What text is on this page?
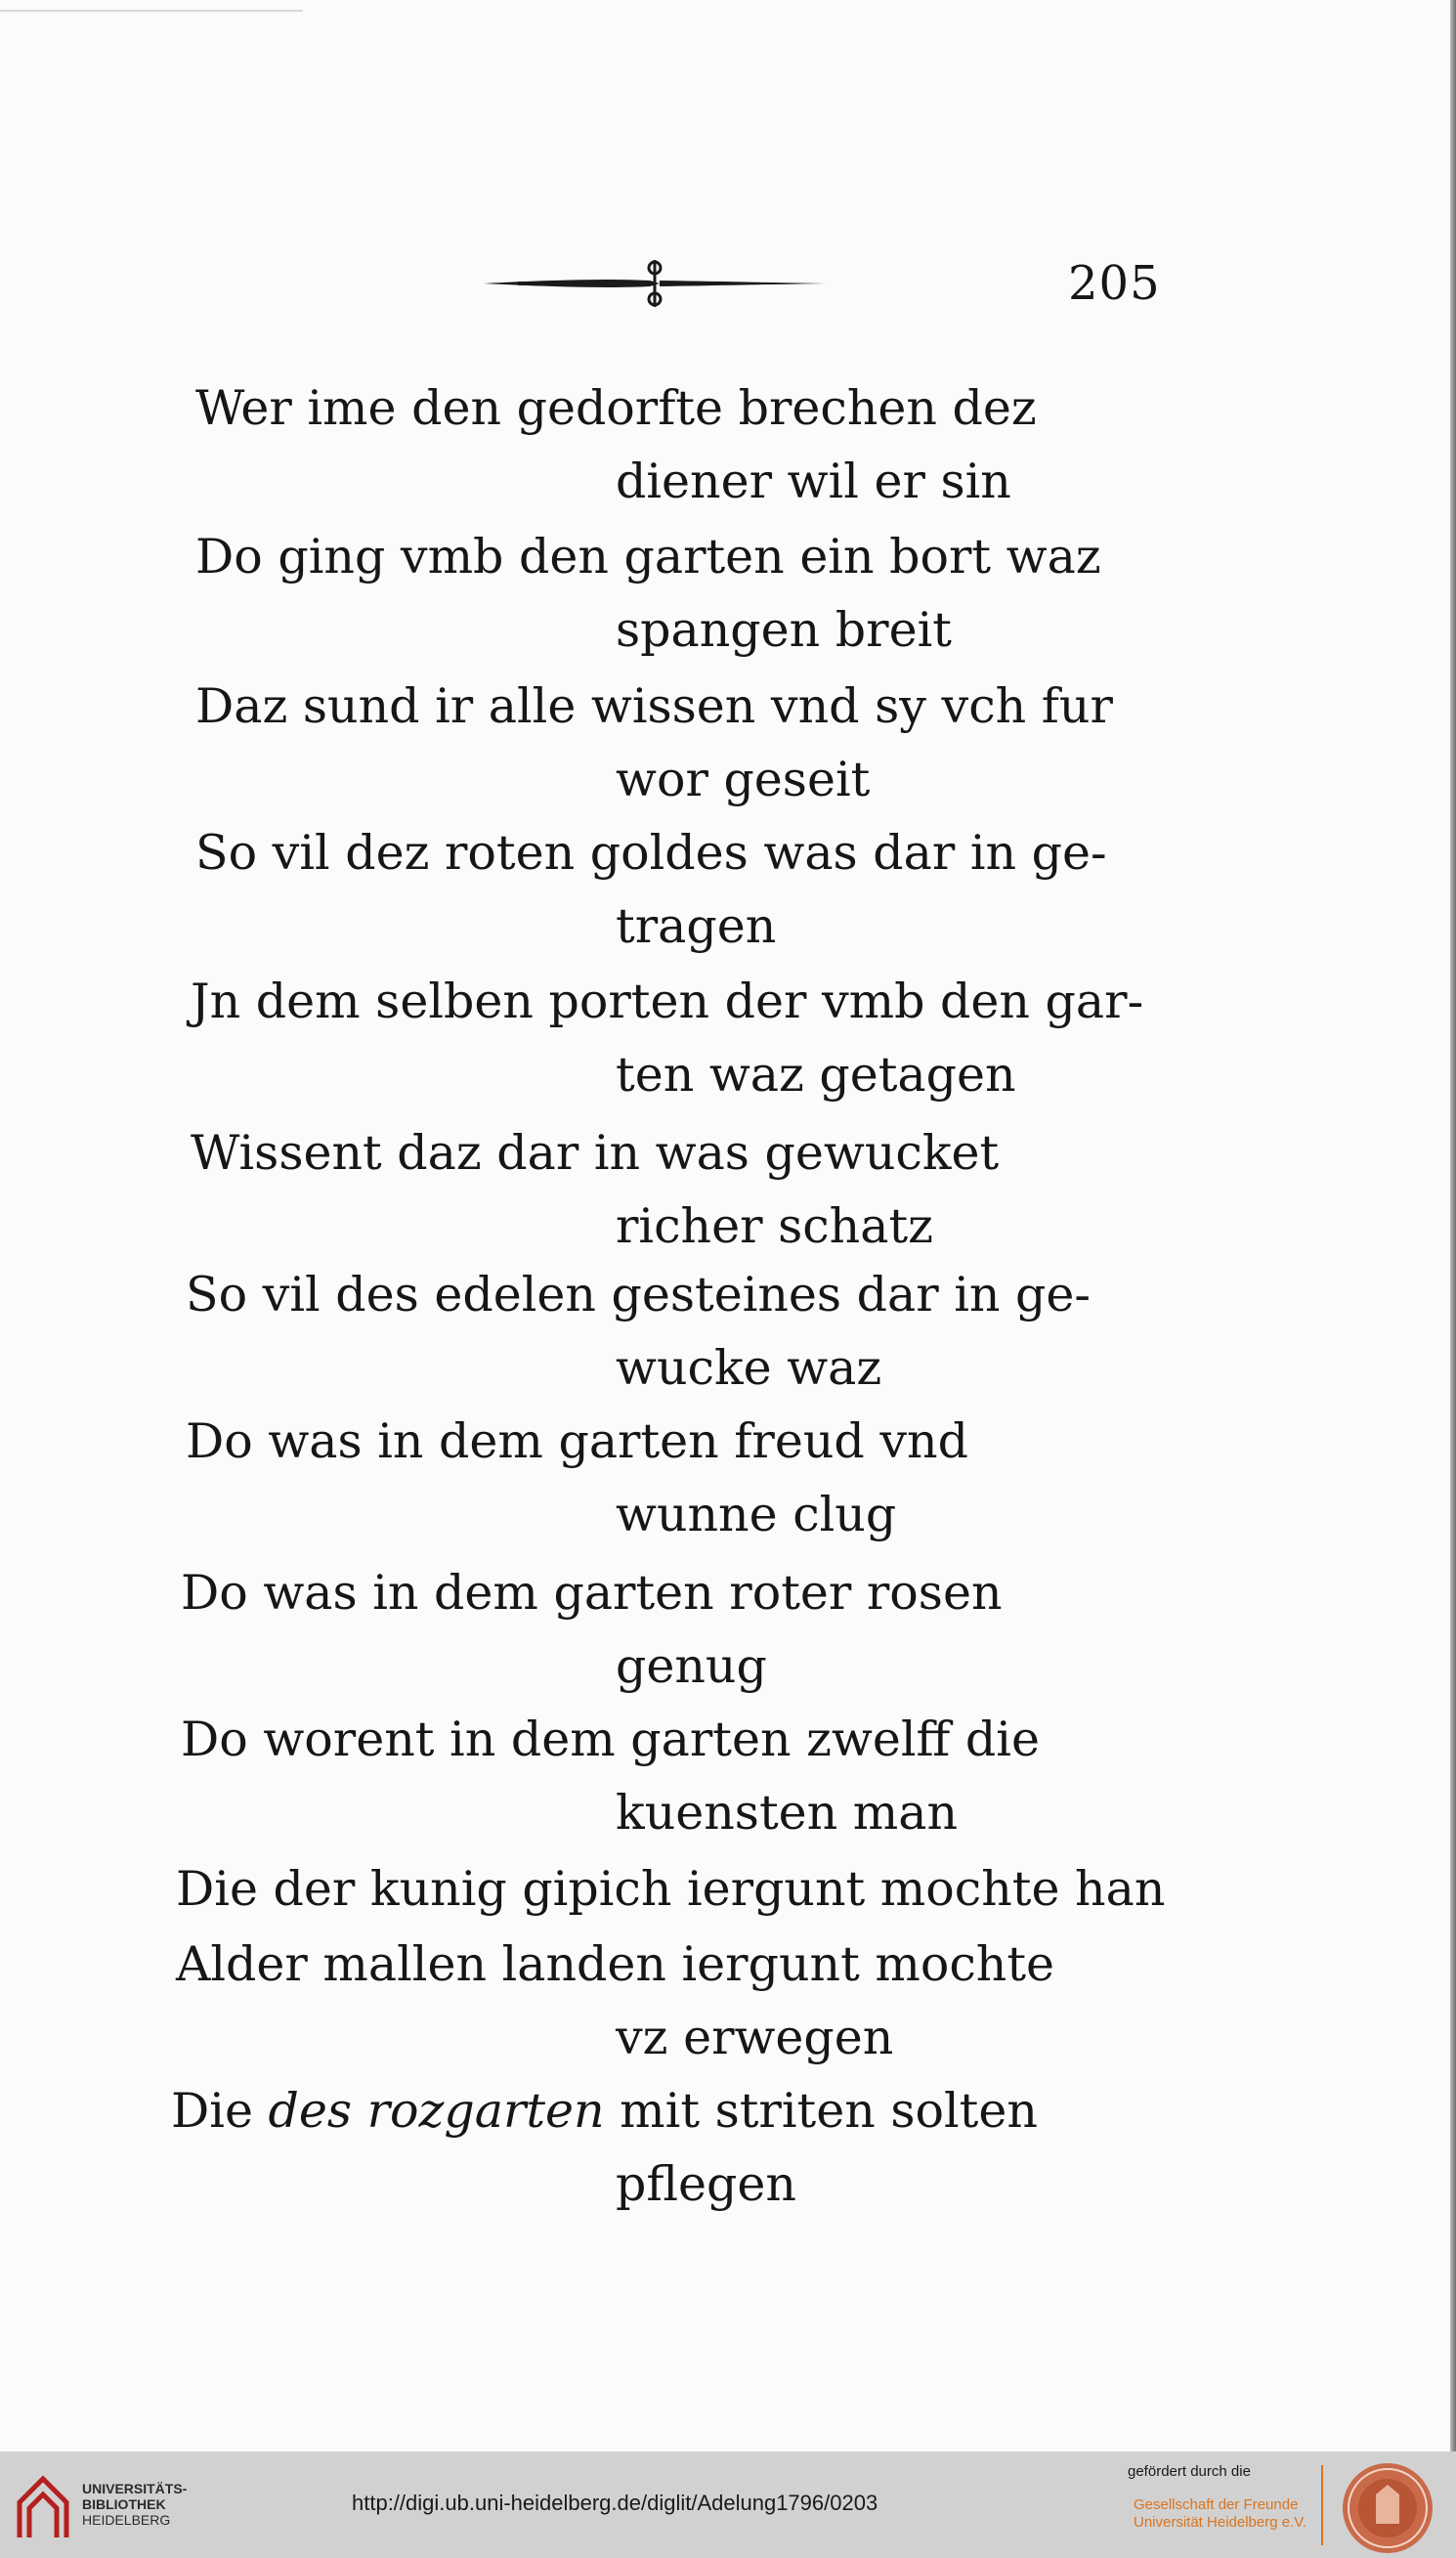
205
Wer ime den gedorfte brechen dez
diener wil er sin
Do ging vmb den garten ein bort waz
spangen breit
Daz sund ir alle wissen vnd sy vch fur
wor geseit
So vil dez roten goldes was dar in ge-
tragen
Jn dem selben porten der vmb den gar-
ten waz getagen
Wissent daz dar in was gewucket
richer schatz
So vil des edelen gesteines dar in ge-
wucke waz
Do was in dem garten freud vnd
wunne clug
Do was in dem garten roter rosen
genug
Do worent in dem garten zwelff die
kuensten man
Die der kunig gipich iergunt mochte han
Alder mallen landen iergunt mochte
vz erwegen
Die des rozgarten mit striten solten
pflegen
UNIVERSITÄTS-
BIBLIOTHEK
HEIDELBERG
http://digi.ub.uni-heidelberg.de/diglit/Adelung1796/0203
gefördert durch die
Gesellschaft der Freunde
Universität Heidelberg e.V.
